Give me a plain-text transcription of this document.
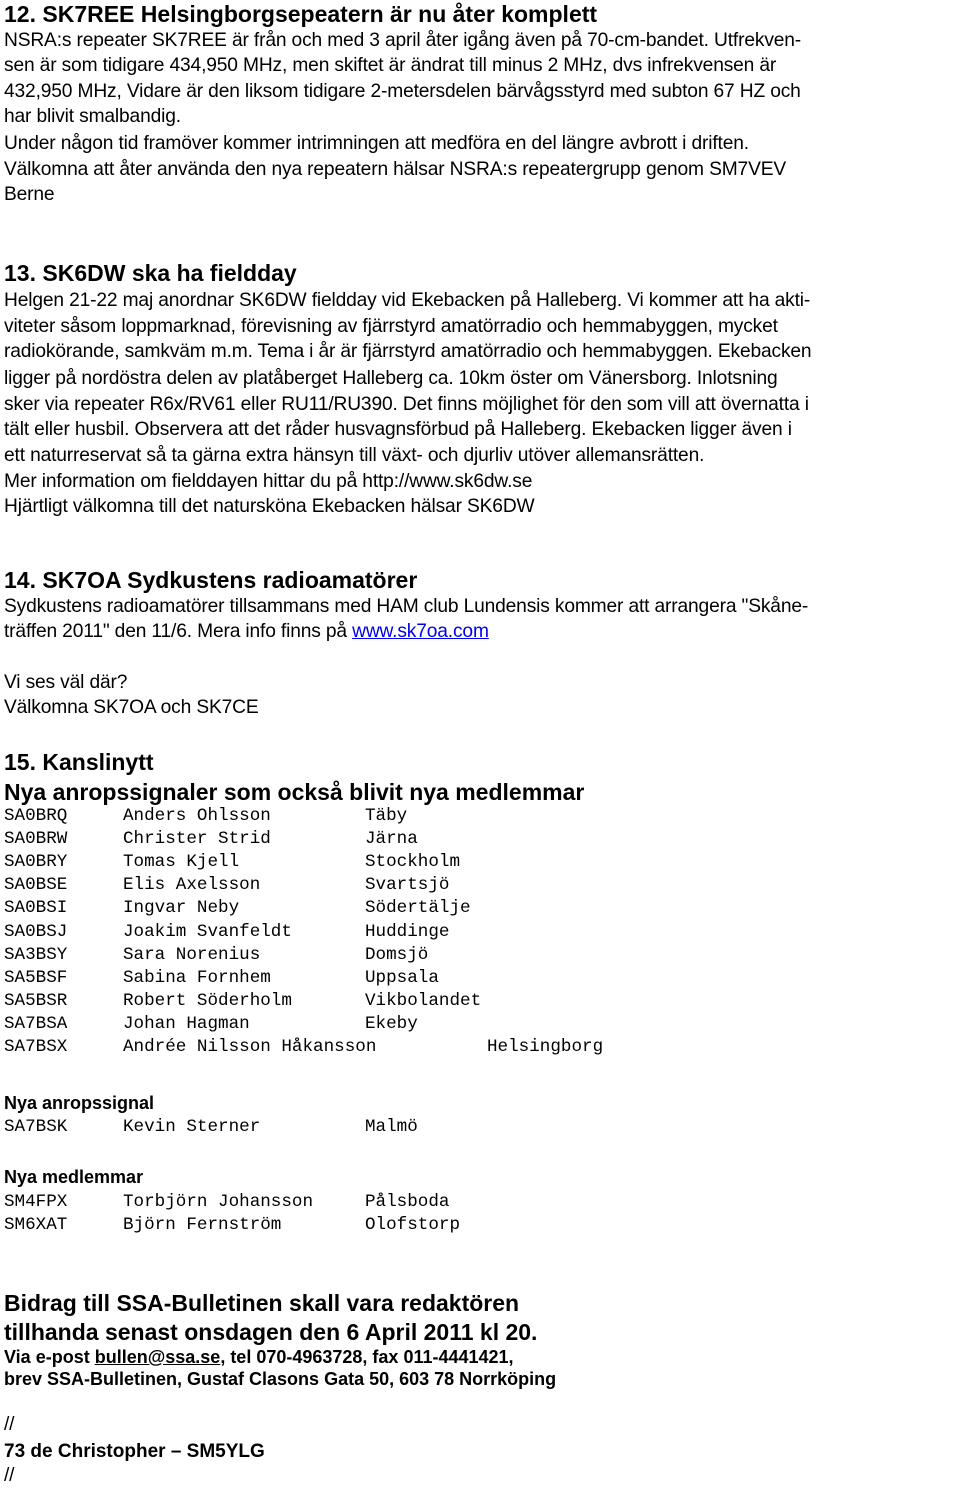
12. SK7REE Helsingborgsepeatern är nu åter komplett
NSRA:s repeater SK7REE är från och med 3 april åter igång även på 70-cm-bandet. Utfrekven-
sen är som tidigare 434,950 MHz, men skiftet är ändrat till minus 2 MHz, dvs infrekvensen är
432,950 MHz, Vidare är den liksom tidigare 2-metersdelen bärvågsstyrd med subton 67 HZ och
har blivit smalbandig.
Under någon tid framöver kommer intrimningen att medföra en del längre avbrott i driften.
Välkomna att åter använda den nya repeatern hälsar NSRA:s repeatergrupp genom SM7VEV
Berne
13. SK6DW ska ha fieldday
Helgen 21-22 maj anordnar SK6DW fieldday vid Ekebacken på Halleberg. Vi kommer att ha akti-
viteter såsom loppmarknad, förevisning av fjärrstyrd amatörradio och hemmabyggen, mycket
radiokörande, samkväm m.m. Tema i år är fjärrstyrd amatörradio och hemmabyggen. Ekebacken
ligger på nordöstra delen av platåberget Halleberg ca. 10km öster om Vänersborg. Inlotsning
sker via repeater R6x/RV61 eller RU11/RU390. Det finns möjlighet för den som vill att övernatta i
tält eller husbil. Observera att det råder husvagnsförbud på Halleberg. Ekebacken ligger även i
ett naturreservat så ta gärna extra hänsyn till växt- och djurliv utöver allemansrätten.
Mer information om fielddayen hittar du på http://www.sk6dw.se
Hjärtligt välkomna till det natursköna Ekebacken hälsar SK6DW
14. SK7OA Sydkustens radioamatörer
Sydkustens radioamatörer tillsammans med HAM club Lundensis kommer att arrangera "Skåne-
träffen 2011" den 11/6. Mera info finns på www.sk7oa.com
Vi ses väl där?
Välkomna SK7OA och SK7CE
15. Kanslinytt
Nya anropssignaler som också blivit nya medlemmar
SA0BRQ	Anders Ohlsson	Täby
SA0BRW	Christer Strid	Järna
SA0BRY	Tomas Kjell	Stockholm
SA0BSE	Elis Axelsson	Svartsjö
SA0BSI	Ingvar Neby	Södertälje
SA0BSJ	Joakim Svanfeldt	Huddinge
SA3BSY	Sara Norenius	Domsjö
SA5BSF	Sabina Fornhem	Uppsala
SA5BSR	Robert Söderholm	Vikbolandet
SA7BSA	Johan Hagman	Ekeby
SA7BSX	Andrée Nilsson Håkansson	Helsingborg
Nya anropssignal
SA7BSK	Kevin Sterner	Malmö
Nya medlemmar
SM4FPX	Torbjörn Johansson	Pålsboda
SM6XAT	Björn Fernström	Olofstorp
Bidrag till SSA-Bulletinen skall vara redaktören
tillhanda senast onsdagen den 6 April 2011 kl 20.
Via e-post bullen@ssa.se, tel 070-4963728, fax 011-4441421,
brev SSA-Bulletinen, Gustaf Clasons Gata 50, 603 78 Norrköping
//
73 de Christopher – SM5YLG
//
